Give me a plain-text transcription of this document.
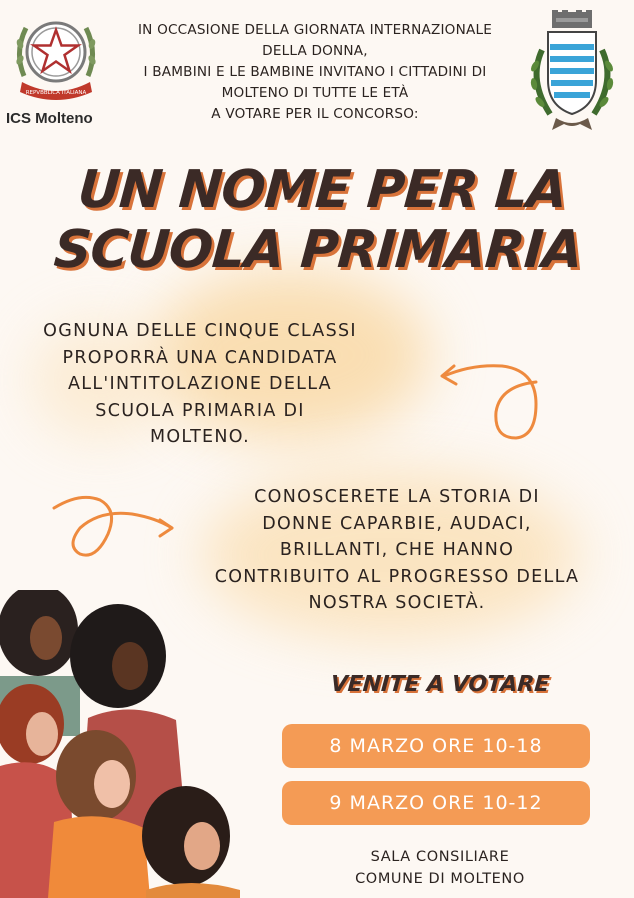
REPVBBLICA ITALIANA
ICS Molteno
IN OCCASIONE DELLA GIORNATA INTERNAZIONALE
DELLA DONNA,
I BAMBINI E LE BAMBINE INVITANO I CITTADINI DI
MOLTENO DI TUTTE LE ETÀ
A VOTARE PER IL CONCORSO:
UN NOME PER LA
SCUOLA PRIMARIA
OGNUNA DELLE CINQUE CLASSI
PROPORRÀ UNA CANDIDATA
ALL'INTITOLAZIONE DELLA
SCUOLA PRIMARIA DI
MOLTENO.
CONOSCERETE LA STORIA DI
DONNE CAPARBIE, AUDACI,
BRILLANTI, CHE HANNO
CONTRIBUITO AL PROGRESSO DELLA
NOSTRA SOCIETÀ.
VENITE A VOTARE
8 MARZO ORE 10-18
9 MARZO ORE 10-12
SALA CONSILIARE
COMUNE DI MOLTENO
